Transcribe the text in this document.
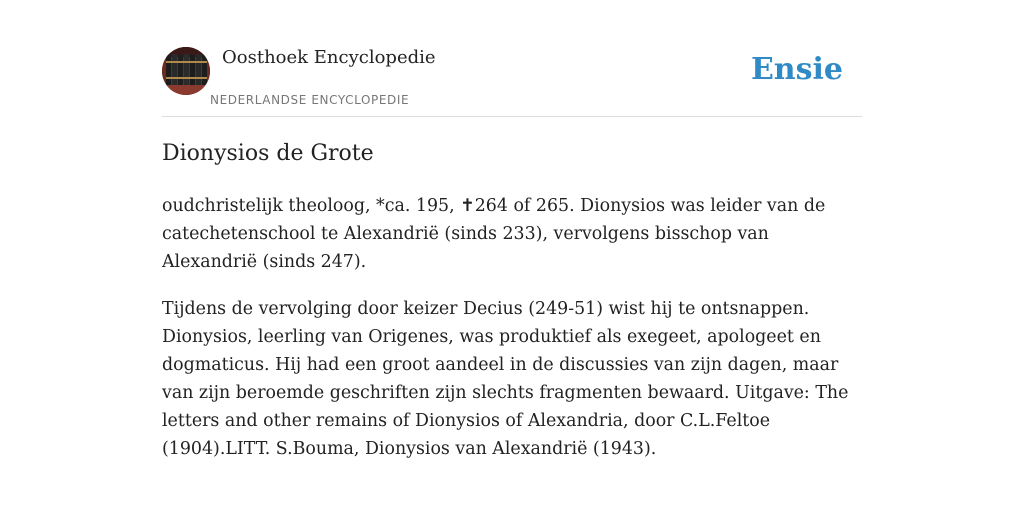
Oosthoek Encyclopedie
NEDERLANDSE ENCYCLOPEDIE
Ensie
Dionysios de Grote

oudchristelijk theoloog, *ca. 195, ✝264 of 265. Dionysios was leider van de catechetenschool te Alexandrië (sinds 233), vervolgens bisschop van Alexandrië (sinds 247).

Tijdens de vervolging door keizer Decius (249-51) wist hij te ontsnappen. Dionysios, leerling van Origenes, was produktief als exegeet, apologeet en dogmaticus. Hij had een groot aandeel in de discussies van zijn dagen, maar van zijn beroemde geschriften zijn slechts fragmenten bewaard. Uitgave: The letters and other remains of Dionysios of Alexandria, door C.L.Feltoe (1904).LITT. S.Bouma, Dionysios van Alexandrië (1943).
